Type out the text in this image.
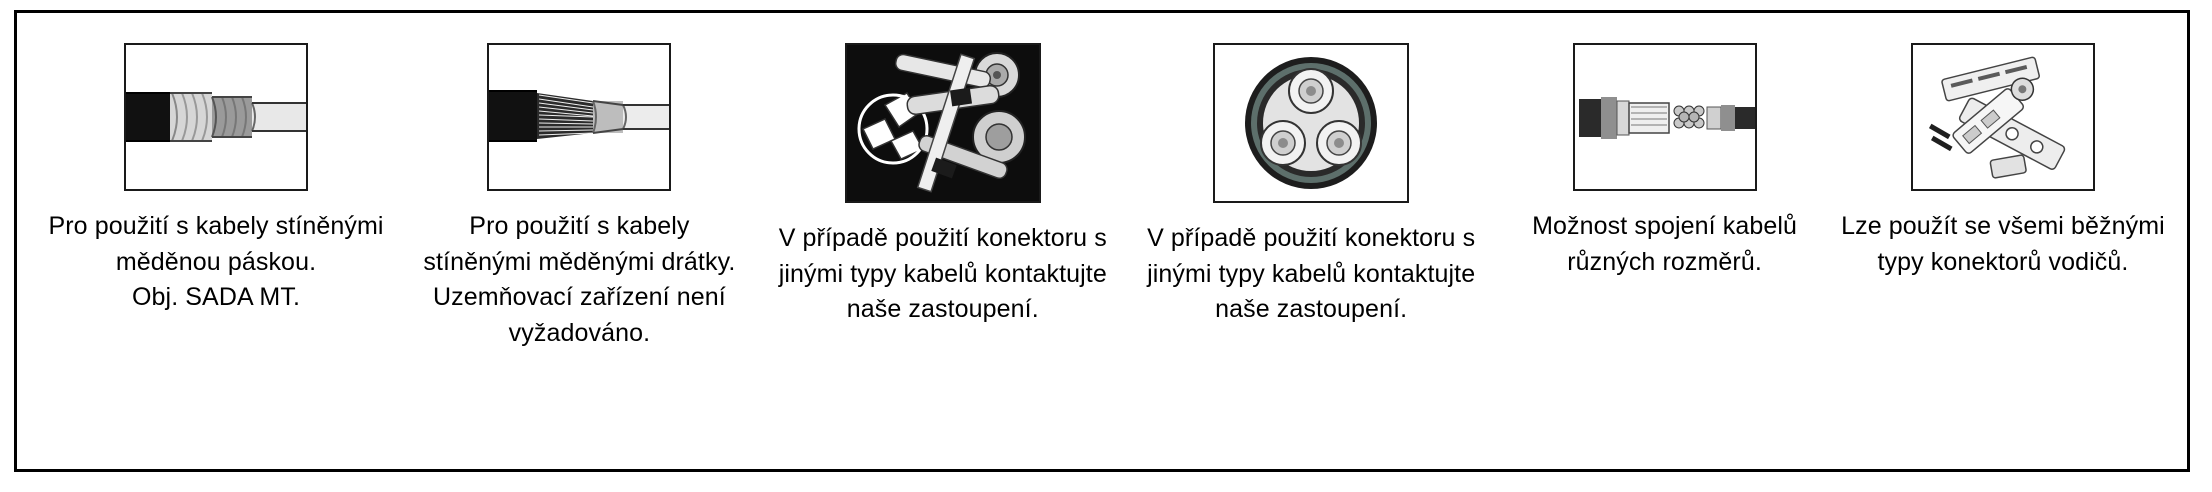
Pro použití s kabely stíněnými
měděnou páskou.
Obj. SADA MT.
Pro použití s kabely
stíněnými měděnými drátky.
Uzemňovací zařízení není
vyžadováno.
V případě použití konektoru s
jinými typy kabelů kontaktujte
naše zastoupení.
V případě použití konektoru s
jinými typy kabelů kontaktujte
naše zastoupení.
Možnost spojení kabelů
různých rozměrů.
Lze použít se všemi běžnými
typy konektorů vodičů.
